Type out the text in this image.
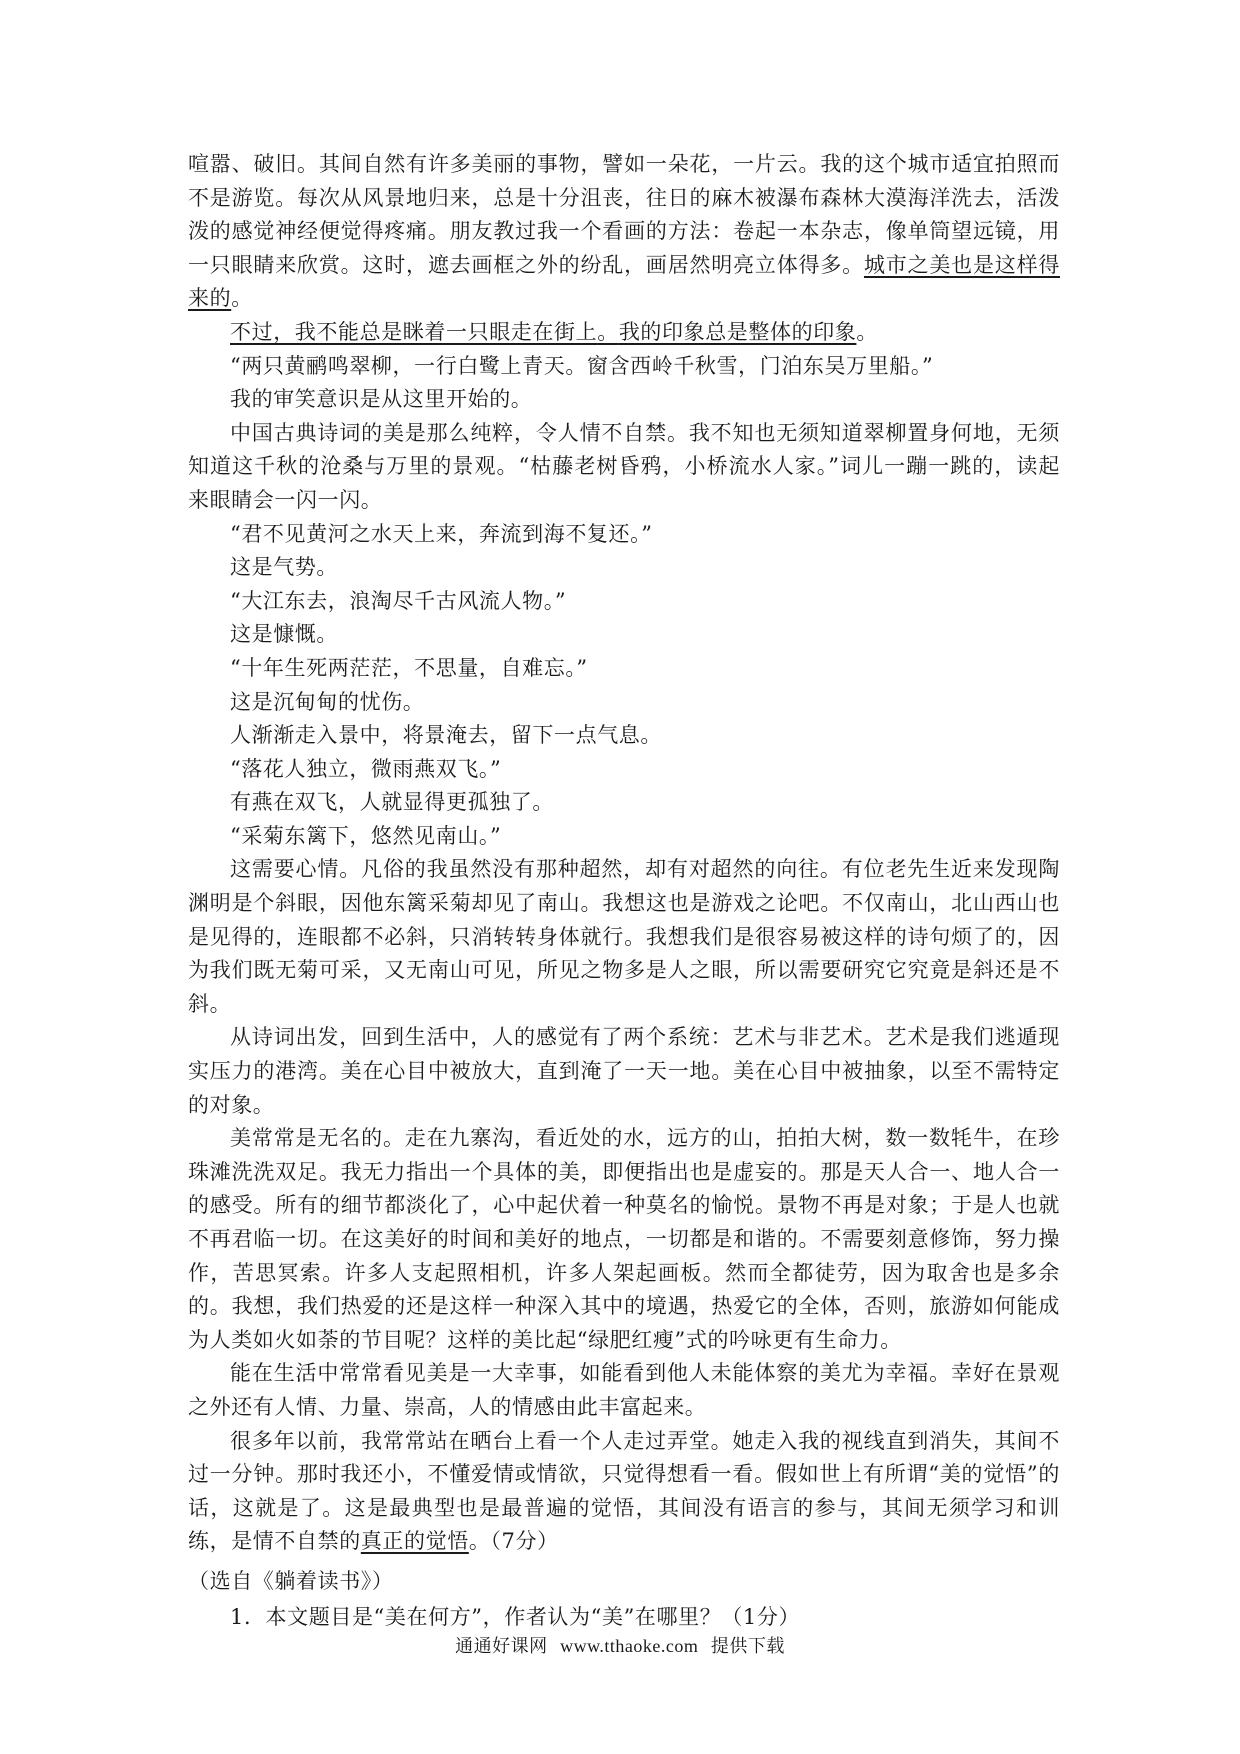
喧嚣、破旧。其间自然有许多美丽的事物，譬如一朵花，一片云。我的这个城市适宜拍照而不是游览。每次从风景地归来，总是十分沮丧，往日的麻木被瀑布森林大漠海洋洗去，活泼泼的感觉神经便觉得疼痛。朋友教过我一个看画的方法：卷起一本杂志，像单筒望远镜，用一只眼睛来欣赏。这时，遮去画框之外的纷乱，画居然明亮立体得多。城市之美也是这样得来的。

不过，我不能总是眯着一只眼走在街上。我的印象总是整体的印象。

“两只黄鹂鸣翠柳，一行白鹭上青天。窗含西岭千秋雪，门泊东吴万里船。”

我的审笑意识是从这里开始的。

中国古典诗词的美是那么纯粹，令人情不自禁。我不知也无须知道翠柳置身何地，无须知道这千秋的沧桑与万里的景观。“枯藤老树昏鸦，小桥流水人家。”词儿一蹦一跳的，读起来眼睛会一闪一闪。

“君不见黄河之水天上来，奔流到海不复还。”

这是气势。

“大江东去，浪淘尽千古风流人物。”

这是慷慨。

“十年生死两茫茫，不思量，自难忘。”

这是沉甸甸的忧伤。

人渐渐走入景中，将景淹去，留下一点气息。

“落花人独立，微雨燕双飞。”

有燕在双飞，人就显得更孤独了。

“采菊东篱下，悠然见南山。”

这需要心情。凡俗的我虽然没有那种超然，却有对超然的向往。有位老先生近来发现陶渊明是个斜眼，因他东篱采菊却见了南山。我想这也是游戏之论吧。不仅南山，北山西山也是见得的，连眼都不必斜，只消转转身体就行。我想我们是很容易被这样的诗句烦了的，因为我们既无菊可采，又无南山可见，所见之物多是人之眼，所以需要研究它究竟是斜还是不斜。

从诗词出发，回到生活中，人的感觉有了两个系统：艺术与非艺术。艺术是我们逃遁现实压力的港湾。美在心目中被放大，直到淹了一天一地。美在心目中被抽象，以至不需特定的对象。

美常常是无名的。走在九寨沟，看近处的水，远方的山，拍拍大树，数一数牦牛，在珍珠滩洗洗双足。我无力指出一个具体的美，即便指出也是虚妄的。那是天人合一、地人合一的感受。所有的细节都淡化了，心中起伏着一种莫名的愉悦。景物不再是对象；于是人也就不再君临一切。在这美好的时间和美好的地点，一切都是和谐的。不需要刻意修饰，努力操作，苦思冥索。许多人支起照相机，许多人架起画板。然而全都徒劳，因为取舍也是多余的。我想，我们热爱的还是这样一种深入其中的境遇，热爱它的全体，否则，旅游如何能成为人类如火如荼的节目呢？这样的美比起“绿肥红瘦”式的吟咏更有生命力。

能在生活中常常看见美是一大幸事，如能看到他人未能体察的美尤为幸福。幸好在景观之外还有人情、力量、崇高，人的情感由此丰富起来。

很多年以前，我常常站在晒台上看一个人走过弄堂。她走入我的视线直到消失，其间不过一分钟。那时我还小，不懂爱情或情欲，只觉得想看一看。假如世上有所谓“美的觉悟”的话，这就是了。这是最典型也是最普遍的觉悟，其间没有语言的参与，其间无须学习和训练，是情不自禁的真正的觉悟。（7分）

（选自《躺着读书》）

1．本文题目是“美在何方”，作者认为“美”在哪里？（1分）

通通好课网 www.tthaoke.com 提供下载
